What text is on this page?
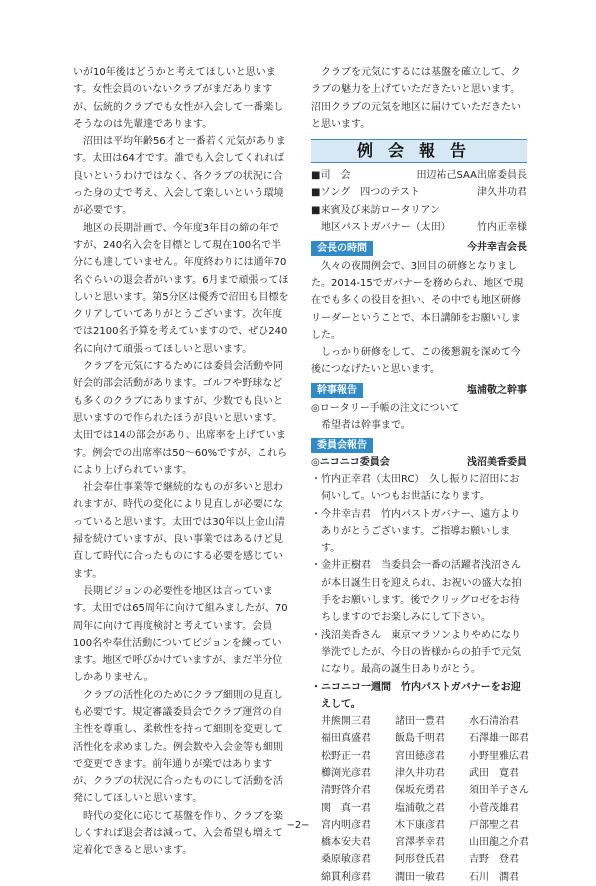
いが10年後はどうかと考えてほしいと思います。女性会員のいないクラブがまだありますが、伝統的クラブでも女性が入会して一番楽しそうなのは先輩達であります。

沼田は平均年齢56才と一番若く元気があります。太田は64才です。誰でも入会してくれれば良いというわけではなく、各クラブの状況に合った身の丈で考え、入会して楽しいという環境が必要です。

地区の長期計画で、今年度3年目の締の年ですが、240名入会を目標として現在100名で半分にも達していません。年度終わりには通年70名ぐらいの退会者がいます。6月まで頑張ってほしいと思います。第5分区は優秀で沼田も目標をクリアしていてありがとうございます。次年度では2100名予算を考えていますので、ぜひ240名に向けて頑張ってほしいと思います。

クラブを元気にするためには委員会活動や同好会的部会活動があります。ゴルフや野球なども多くのクラブにありますが、少数でも良いと思いますので作られたほうが良いと思います。太田では14の部会があり、出席率を上げています。例会での出席率は50〜60%ですが、これらにより上げられています。

社会奉仕事業等で継続的なものが多いと思われますが、時代の変化により見直しが必要になっていると思います。太田では30年以上金山清掃を続けていますが、良い事業ではあるけど見直して時代に合ったものにする必要を感じています。

長期ビジョンの必要性を地区は言っています。太田では65周年に向けて組みましたが、70周年に向けて再度検討と考えています。会員100名や奉仕活動についてビジョンを練っています。地区で呼びかけていますが、まだ半分位しかありません。

クラブの活性化のためにクラブ細則の見直しも必要です。規定審議委員会でクラブ運営の自主性を尊重し、柔軟性を持って細則を変更して活性化を求めました。例会数や入会金等も細則で変更できます。前年通りが楽ではありますが、クラブの状況に合ったものにして活動を活発にしてほしいと思います。

時代の変化に応じて基盤を作り、クラブを楽しくすれば退会者は減って、入会希望も増えて定着化できると思います。

クラブを元気にするには基盤を確立して、クラブの魅力を上げていただきたいと思います。沼田クラブの元気を地区に届けていただきたいと思います。

例会報告
■司　会	田辺祐己SAA出席委員長
■ソング　四つのテスト	津久井功君
■来賓及び来訪ロータリアン
地区パストガバナー（太田）	竹内正幸様
会長の時間	今井幸吉会長

久々の夜間例会で、3回目の研修となりました。2014-15でガバナーを務められ、地区で現在でも多くの役目を担い、その中でも地区研修リーダーということで、本日講師をお願いしました。

しっかり研修をして、この後懇親を深めて今後につなげたいと思います。

幹事報告	塩浦敬之幹事
◎ロータリー手帳の注文について
希望者は幹事まで。
委員会報告
◎ニコニコ委員会	浅沼美香委員
・竹内正幸君（太田RC）　久し振りに沼田にお伺いして。いつもお世話になります。
・今井幸吉君　竹内パストガバナー、遠方よりありがとうございます。ご指導お願いします。
・金井正樹君　当委員会一番の活躍者浅沼さんが本日誕生日を迎えられ、お祝いの盛大な拍手をお願いします。後でクリッグロゼをお待ちしますのでお楽しみにして下さい。
・浅沼美香さん　東京マラソンよりやめになり挙洗でしたが、今日の皆様からの拍手で元気になり。最高の誕生日ありがとう。
・ニコニコ一週間　竹内パストガバナーをお迎えして。
井熊開三君	諸田一豊君	水石清治君
福田真盛君	飯島千明君	石澤雄一郎君
松野正一君	宮田徳彦君	小野里雅広君
櫛渕光彦君	津久井功君	武田　寛君
清野啓介君	保坂充勇君	須田羊子さん
関　真一君	塩浦敬之君	小菅茂雄君
宮内明彦君	木下康彦君	戸部聖之君
橋本安夫君	宮澤孝幸君	山田龍之介君
桑原敏彦君	阿形登氏君	吉野　登君
綿貫利彦君	潤田一敏君	石川　潤君
−2−
